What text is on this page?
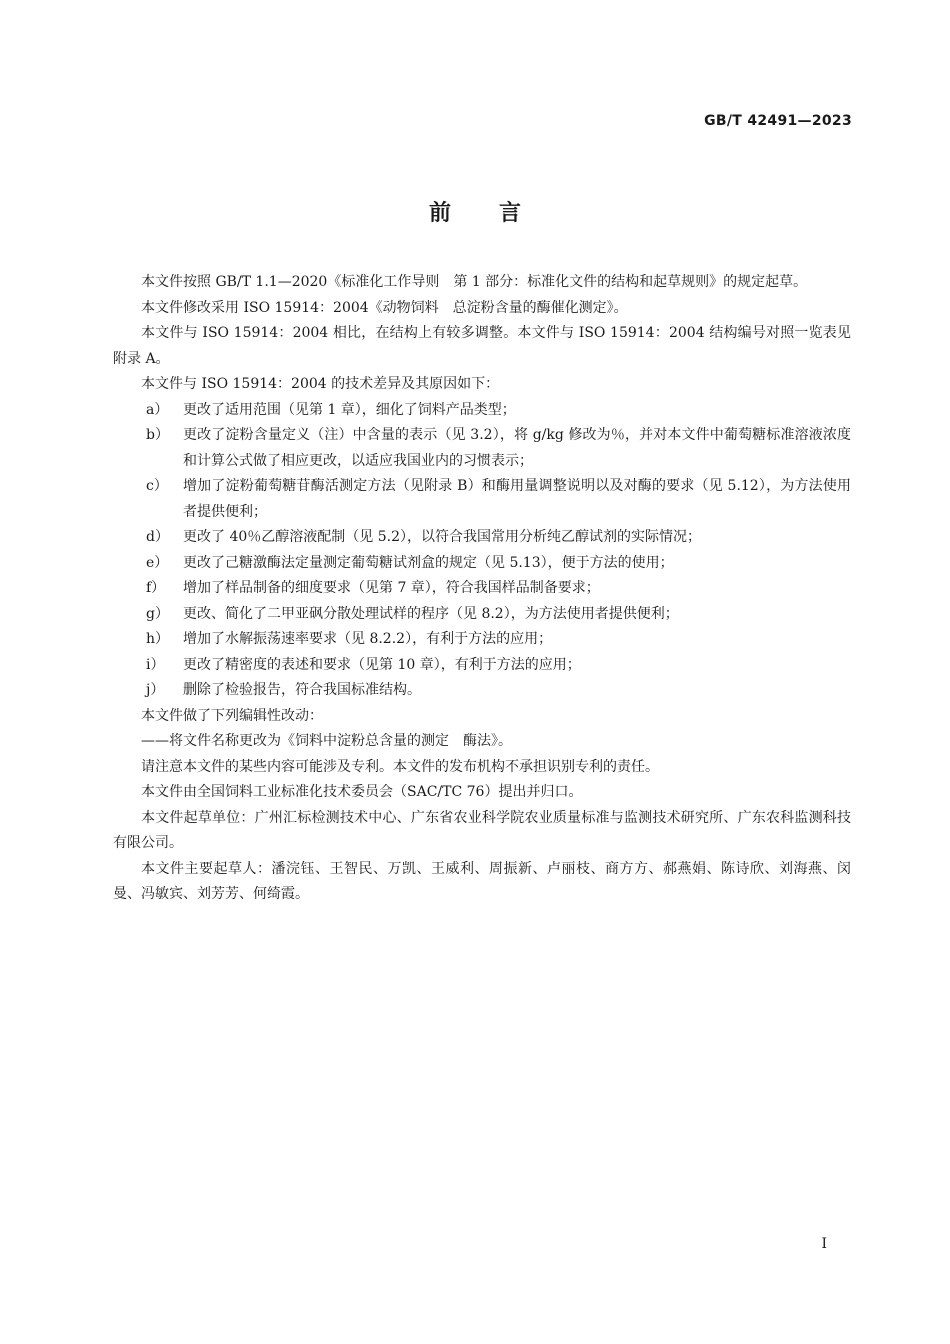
GB/T 42491—2023
前言

本文件按照 GB/T 1.1—2020《标准化工作导则　第 1 部分：标准化文件的结构和起草规则》的规定起草。

本文件修改采用 ISO 15914：2004《动物饲料　总淀粉含量的酶催化测定》。

本文件与 ISO 15914：2004 相比，在结构上有较多调整。本文件与 ISO 15914：2004 结构编号对照一览表见附录 A。

本文件与 ISO 15914：2004 的技术差异及其原因如下：

a）	更改了适用范围（见第 1 章），细化了饲料产品类型；
b）	更改了淀粉含量定义（注）中含量的表示（见 3.2），将 g/kg 修改为％，并对本文件中葡萄糖标准溶液浓度和计算公式做了相应更改，以适应我国业内的习惯表示；
c）	增加了淀粉葡萄糖苷酶活测定方法（见附录 B）和酶用量调整说明以及对酶的要求（见 5.12），为方法使用者提供便利；
d）	更改了 40％乙醇溶液配制（见 5.2），以符合我国常用分析纯乙醇试剂的实际情况；
e）	更改了己糖激酶法定量测定葡萄糖试剂盒的规定（见 5.13），便于方法的使用；
f）	增加了样品制备的细度要求（见第 7 章），符合我国样品制备要求；
g）	更改、简化了二甲亚砜分散处理试样的程序（见 8.2），为方法使用者提供便利；
h） 增加了水解振荡速率要求（见 8.2.2），有利于方法的应用；
i）	更改了精密度的表述和要求（见第 10 章），有利于方法的应用；
j）	删除了检验报告，符合我国标准结构。

本文件做了下列编辑性改动：

——将文件名称更改为《饲料中淀粉总含量的测定　酶法》。

请注意本文件的某些内容可能涉及专利。本文件的发布机构不承担识别专利的责任。

本文件由全国饲料工业标准化技术委员会（SAC/TC 76）提出并归口。

本文件起草单位：广州汇标检测技术中心、广东省农业科学院农业质量标准与监测技术研究所、广东农科监测科技有限公司。

本文件主要起草人：潘浣钰、王智民、万凯、王威利、周振新、卢丽枝、商方方、郝燕娟、陈诗欣、刘海燕、闵曼、冯敏宾、刘芳芳、何绮霞。

I
